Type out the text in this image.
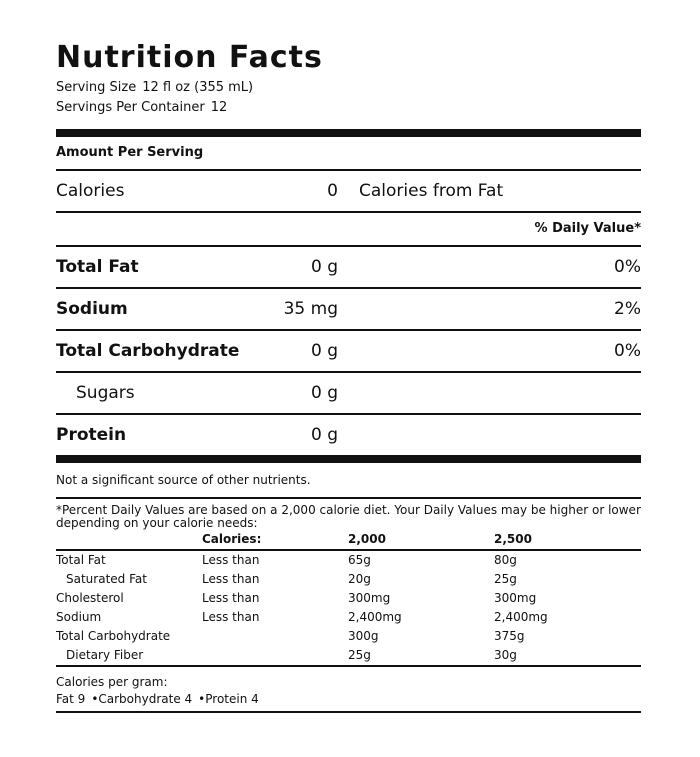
Nutrition Facts
Serving Size 12 fl oz (355 mL)
Servings Per Container 12
Amount Per Serving
Calories	0 Calories from Fat
% Daily Value*
Total Fat	0 g	0%
Sodium	35 mg	2%
Total Carbohydrate	0 g	0%
Sugars	0 g
Protein	0 g
Not a significant source of other nutrients.
*Percent Daily Values are based on a 2,000 calorie diet. Your Daily Values may be higher or lower depending on your calorie needs:
	Calories:	2,000	2,500
Total Fat	Less than	65g	80g
Saturated Fat	Less than	20g	25g
Cholesterol	Less than	300mg	300mg
Sodium	Less than	2,400mg	2,400mg
Total Carbohydrate		300g	375g
Dietary Fiber		25g	30g
Calories per gram:
Fat 9 •Carbohydrate 4 •Protein 4
